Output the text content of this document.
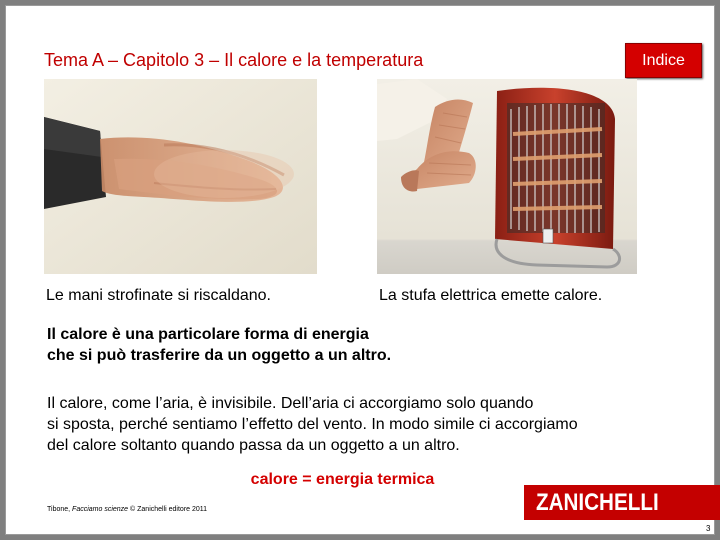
Tema A – Capitolo 3 – Il calore e la temperatura	Indice
Le mani strofinate si riscaldano.	La stufa elettrica emette calore.
Il calore è una particolare forma di energia
che si può trasferire da un oggetto a un altro.
Il calore, come l’aria, è invisibile. Dell’aria ci accorgiamo solo quando
si sposta, perché sentiamo l’effetto del vento. In modo simile ci accorgiamo
del calore soltanto quando passa da un oggetto a un altro.
calore = energia termica
Tibone, Facciamo scienze © Zanichelli editore 2011	ZANICHELLI
3
